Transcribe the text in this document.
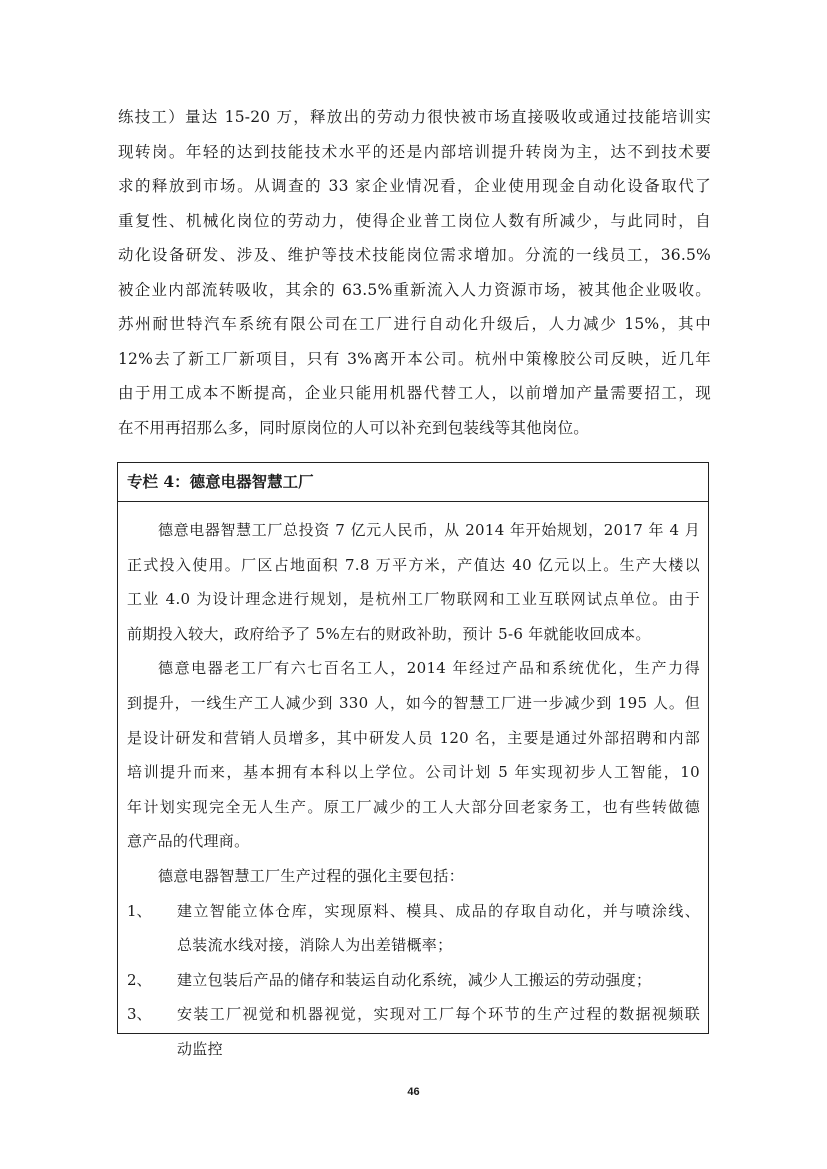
练技工）量达 15-20 万，释放出的劳动力很快被市场直接吸收或通过技能培训实
现转岗。年轻的达到技能技术水平的还是内部培训提升转岗为主，达不到技术要
求的释放到市场。从调查的 33 家企业情况看，企业使用现金自动化设备取代了
重复性、机械化岗位的劳动力，使得企业普工岗位人数有所减少，与此同时，自
动化设备研发、涉及、维护等技术技能岗位需求增加。分流的一线员工，36.5%
被企业内部流转吸收，其余的 63.5%重新流入人力资源市场，被其他企业吸收。
苏州耐世特汽车系统有限公司在工厂进行自动化升级后，人力减少 15%，其中
12%去了新工厂新项目，只有 3%离开本公司。杭州中策橡胶公司反映，近几年
由于用工成本不断提高，企业只能用机器代替工人，以前增加产量需要招工，现
在不用再招那么多，同时原岗位的人可以补充到包装线等其他岗位。
专栏 4：德意电器智慧工厂
德意电器智慧工厂总投资 7 亿元人民币，从 2014 年开始规划，2017 年 4 月
正式投入使用。厂区占地面积 7.8 万平方米，产值达 40 亿元以上。生产大楼以
工业 4.0 为设计理念进行规划，是杭州工厂物联网和工业互联网试点单位。由于
前期投入较大，政府给予了 5%左右的财政补助，预计 5-6 年就能收回成本。
德意电器老工厂有六七百名工人，2014 年经过产品和系统优化，生产力得
到提升，一线生产工人减少到 330 人，如今的智慧工厂进一步减少到 195 人。但
是设计研发和营销人员增多，其中研发人员 120 名，主要是通过外部招聘和内部
培训提升而来，基本拥有本科以上学位。公司计划 5 年实现初步人工智能，10
年计划实现完全无人生产。原工厂减少的工人大部分回老家务工，也有些转做德
意产品的代理商。
德意电器智慧工厂生产过程的强化主要包括：
1、 建立智能立体仓库，实现原料、模具、成品的存取自动化，并与喷涂线、
总装流水线对接，消除人为出差错概率；
2、 建立包装后产品的储存和装运自动化系统，减少人工搬运的劳动强度；
3、 安装工厂视觉和机器视觉，实现对工厂每个环节的生产过程的数据视频联
动监控
46
